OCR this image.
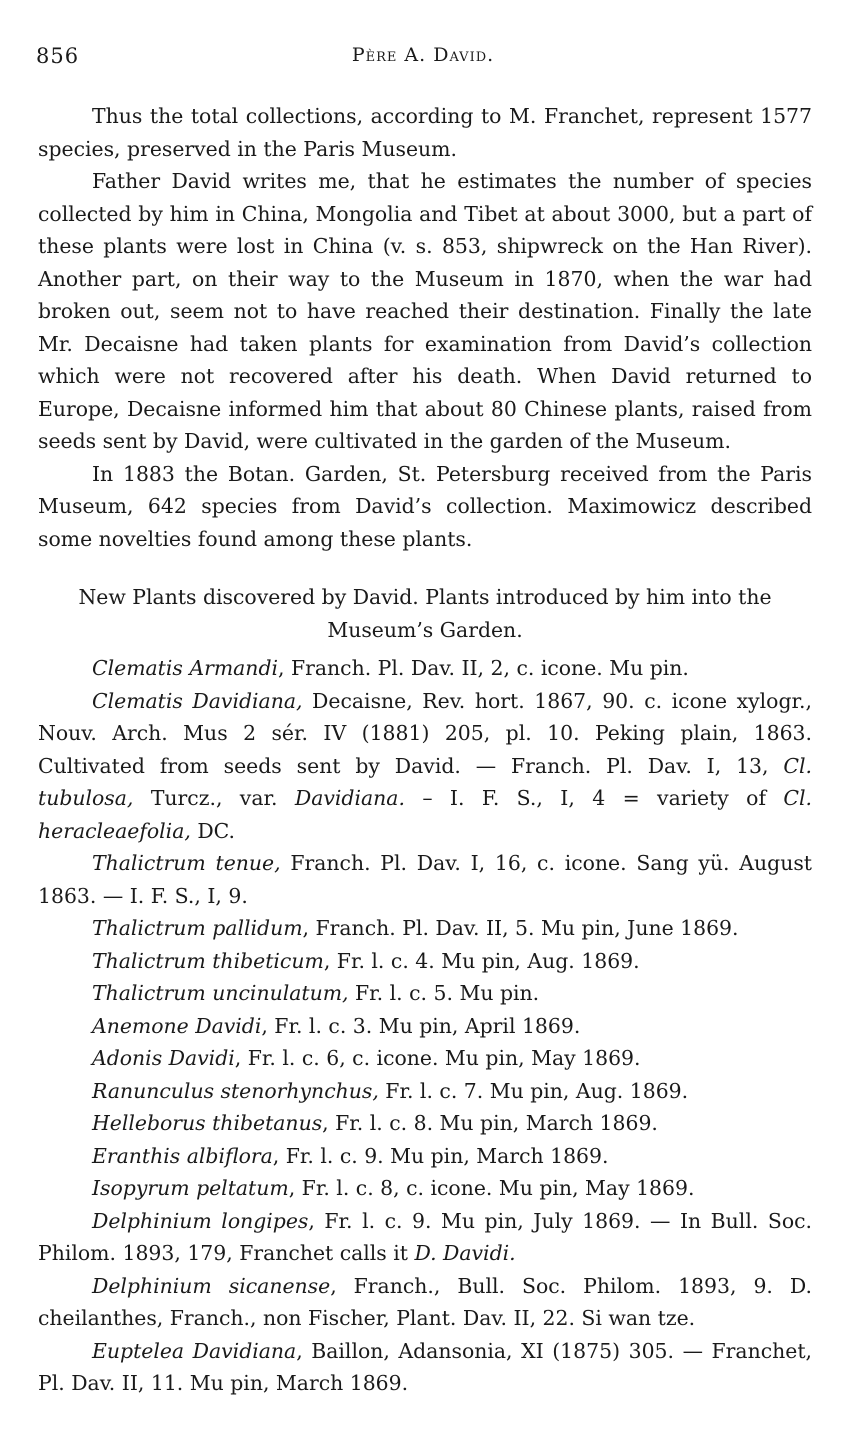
856	Père A. David.

Thus the total collections, according to M. Franchet, represent 1577 species, preserved in the Paris Museum.

Father David writes me, that he estimates the number of species collected by him in China, Mongolia and Tibet at about 3000, but a part of these plants were lost in China (v. s. 853, shipwreck on the Han River). Another part, on their way to the Museum in 1870, when the war had broken out, seem not to have reached their destination. Finally the late Mr. Decaisne had taken plants for examination from David’s collection which were not recovered after his death. When David returned to Europe, Decaisne informed him that about 80 Chinese plants, raised from seeds sent by David, were cultivated in the garden of the Museum.

In 1883 the Botan. Garden, St. Petersburg received from the Paris Museum, 642 species from David’s collection. Maximowicz described some novelties found among these plants.

New Plants discovered by David. Plants introduced by him into the Museum’s Garden.

Clematis Armandi, Franch. Pl. Dav. II, 2, c. icone. Mu pin.

Clematis Davidiana, Decaisne, Rev. hort. 1867, 90. c. icone xylogr., Nouv. Arch. Mus 2 sér. IV (1881) 205, pl. 10. Peking plain, 1863. Cultivated from seeds sent by David. — Franch. Pl. Dav. I, 13, Cl. tubulosa, Turcz., var. Davidiana. – I. F. S., I, 4 = variety of Cl. heracleaefolia, DC.

Thalictrum tenue, Franch. Pl. Dav. I, 16, c. icone. Sang yü. August 1863. — I. F. S., I, 9.

Thalictrum pallidum, Franch. Pl. Dav. II, 5. Mu pin, June 1869.

Thalictrum thibeticum, Fr. l. c. 4. Mu pin, Aug. 1869.

Thalictrum uncinulatum, Fr. l. c. 5. Mu pin.

Anemone Davidi, Fr. l. c. 3. Mu pin, April 1869.

Adonis Davidi, Fr. l. c. 6, c. icone. Mu pin, May 1869.

Ranunculus stenorhynchus, Fr. l. c. 7. Mu pin, Aug. 1869.

Helleborus thibetanus, Fr. l. c. 8. Mu pin, March 1869.

Eranthis albiflora, Fr. l. c. 9. Mu pin, March 1869.

Isopyrum peltatum, Fr. l. c. 8, c. icone. Mu pin, May 1869.

Delphinium longipes, Fr. l. c. 9. Mu pin, July 1869. — In Bull. Soc. Philom. 1893, 179, Franchet calls it D. Davidi.

Delphinium sicanense, Franch., Bull. Soc. Philom. 1893, 9. D. cheilanthes, Franch., non Fischer, Plant. Dav. II, 22. Si wan tze.

Euptelea Davidiana, Baillon, Adansonia, XI (1875) 305. — Franchet, Pl. Dav. II, 11. Mu pin, March 1869.
